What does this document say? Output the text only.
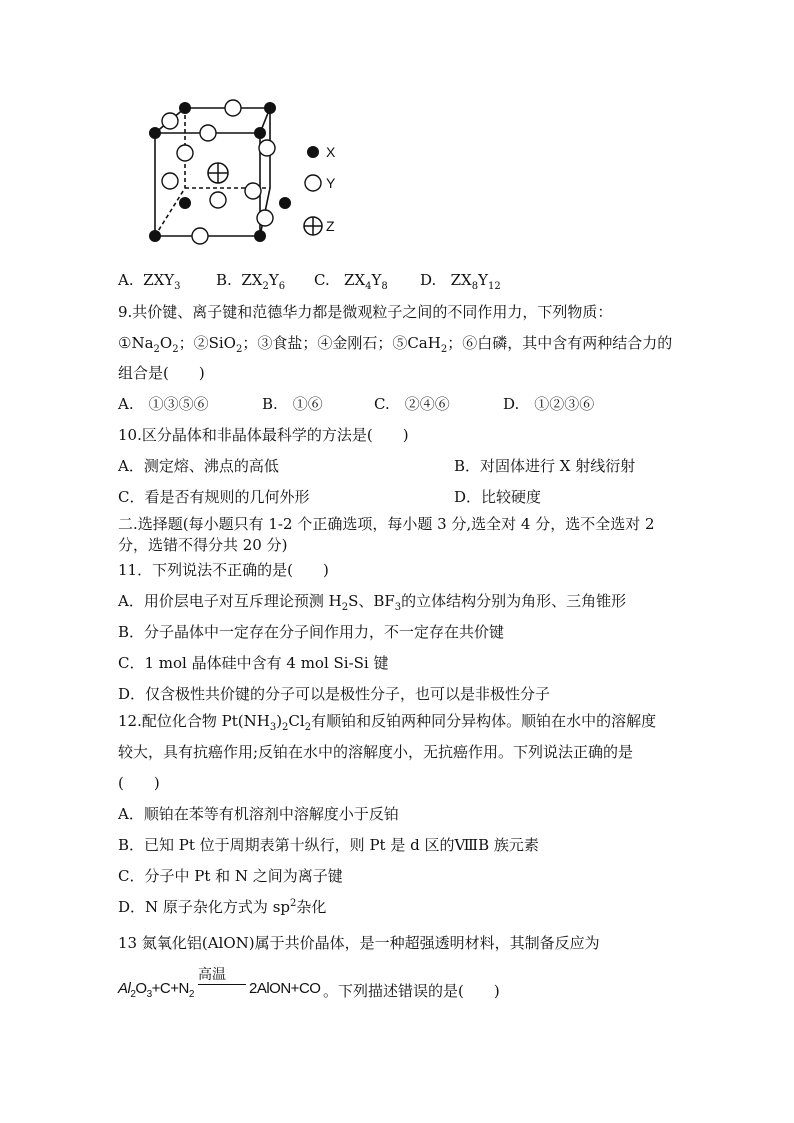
X
Y
Z
A. $ZXY_3$ B. $ZX_2Y_6$ C. $ZX_4Y_8$ D. $ZX_8Y_{12}$
9.共价键、离子键和范德华力都是微观粒子之间的不同作用力，下列物质：
$①Na_2O_2$；②SiO$_2$；③食盐；④金刚石；⑤CaH$_2$；⑥白磷，其中含有两种结合力的
组合是(　　)
A.　①③⑤⑥	B.　①⑥	C.　②④⑥	D.　①②③⑥
10.区分晶体和非晶体最科学的方法是(　　)
A．测定熔、沸点的高低	B．对固体进行 X 射线衍射
C．看是否有规则的几何外形	D．比较硬度
二.选择题(每小题只有 1-2 个正确选项，每小题 3 分,选全对 4 分，选不全选对 2
分，选错不得分共 20 分)
11．下列说法不正确的是(　　)
A．用价层电子对互斥理论预测 $H_2S$、$BF_3$的立体结构分别为角形、三角锥形
B．分子晶体中一定存在分子间作用力，不一定存在共价键
C．1 mol 晶体硅中含有 4 mol Si-Si 键
D．仅含极性共价键的分子可以是极性分子，也可以是非极性分子
12.配位化合物 $Pt(NH_3)_2Cl_2$有顺铂和反铂两种同分异构体。顺铂在水中的溶解度
较大，具有抗癌作用;反铂在水中的溶解度小，无抗癌作用。下列说法正确的是
(　　)
A．顺铂在苯等有机溶剂中溶解度小于反铂
B．已知 Pt 位于周期表第十纵行，则 Pt 是 d 区的ⅧB 族元素
C．分子中 Pt 和 N 之间为离子键
D．N 原子杂化方式为 $sp^2$杂化
13 氮氧化铝(AlON)属于共价晶体，是一种超强透明材料，其制备反应为
$Al_2O_3+C+N_2$
高温
2AlON+CO 。下列描述错误的是(　　)
